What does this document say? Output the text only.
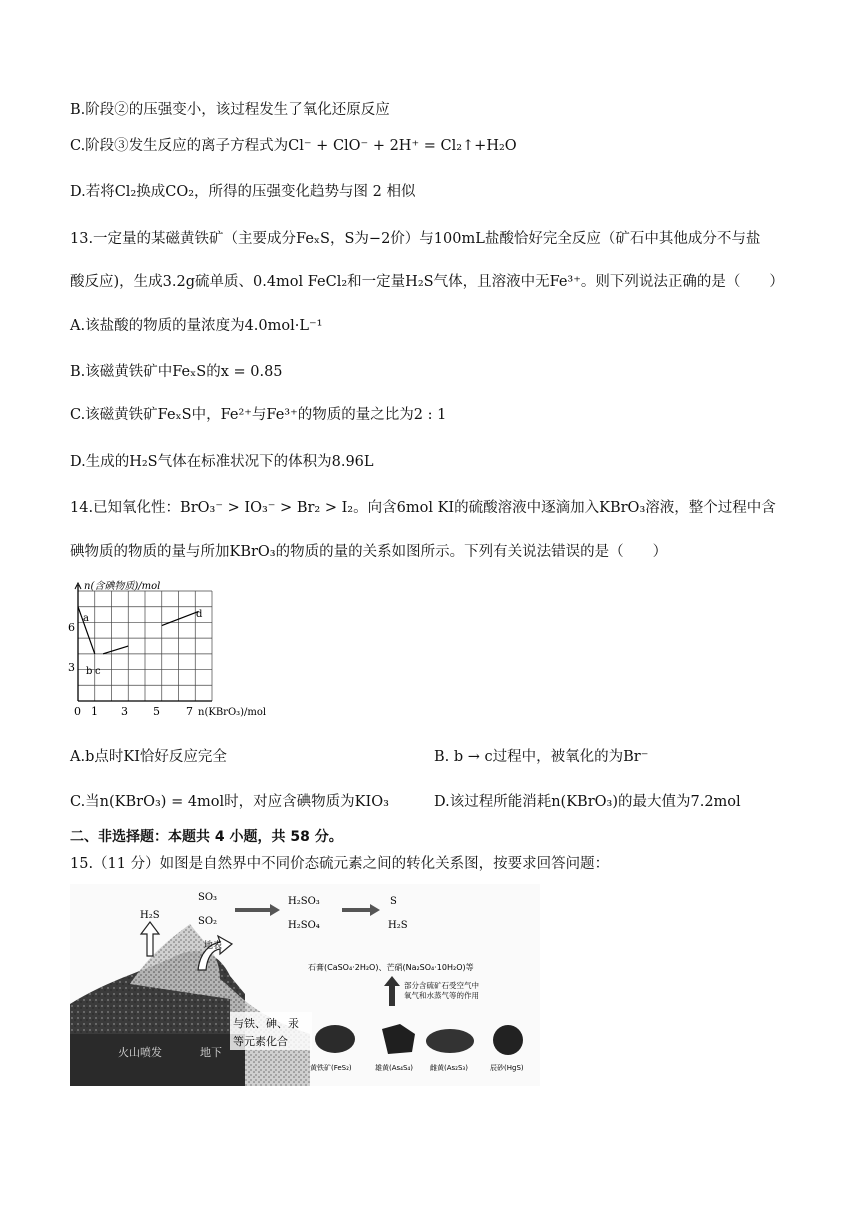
B.阶段②的压强变小，该过程发生了氧化还原反应
C.阶段③发生反应的离子方程式为Cl⁻ + ClO⁻ + 2H⁺ = Cl₂↑+H₂O
D.若将Cl₂换成CO₂，所得的压强变化趋势与图 2 相似
13.一定量的某磁黄铁矿（主要成分FeₓS，S为−2价）与100mL盐酸恰好完全反应（矿石中其他成分不与盐
酸反应)，生成3.2g硫单质、0.4mol FeCl₂和一定量H₂S气体，且溶液中无Fe³⁺。则下列说法正确的是（　　）
A.该盐酸的物质的量浓度为4.0mol·L⁻¹
B.该磁黄铁矿中FeₓS的x = 0.85
C.该磁黄铁矿FeₓS中，Fe²⁺与Fe³⁺的物质的量之比为2 : 1
D.生成的H₂S气体在标准状况下的体积为8.96L
14.已知氧化性：BrO₃⁻ > IO₃⁻ > Br₂ > I₂。向含6mol KI的硫酸溶液中逐滴加入KBrO₃溶液，整个过程中含
碘物质的物质的量与所加KBrO₃的物质的量的关系如图所示。下列有关说法错误的是（　　）
n(含碘物质)/mol
n(KBrO₃)/mol
6
3
0 1 3 5 7
a
b c
d
A.b点时KI恰好反应完全	B. b → c过程中，被氧化的为Br⁻
C.当n(KBrO₃) = 4mol时，对应含碘物质为KIO₃	D.该过程所能消耗n(KBrO₃)的最大值为7.2mol
二、非选择题：本题共 4 小题，共 58 分。
15.（11 分）如图是自然界中不同价态硫元素之间的转化关系图，按要求回答问题：
H₂S
SO₃
SO₂
H₂SO₃
H₂SO₄
S
H₂S
地表
石膏(CaSO₄·2H₂O)、芒硝(Na₂SO₄·10H₂O)等
部分含硫矿石受空气中
氧气和水蒸气等的作用
与铁、砷、汞
等元素化合
火山喷发	地下
黄铁矿(FeS₂)	雄黄(As₄S₄) 雌黄(As₂S₃)	辰砂(HgS)
